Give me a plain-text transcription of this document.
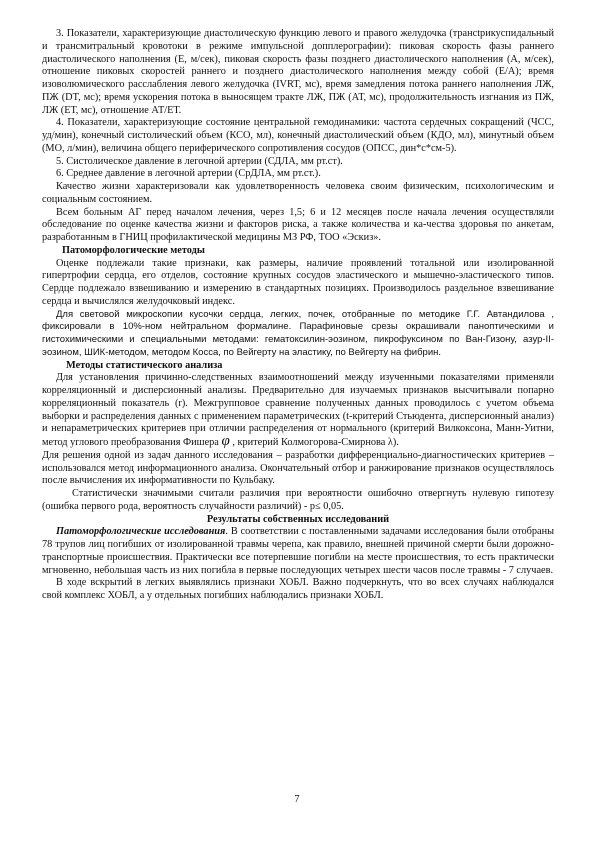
3. Показатели, характеризующие диастолическую функцию левого и правого желудочка (трансtрикуспидальный и трансмитральный кровотоки в режиме импульсной допплерографии): пиковая скорость фазы раннего диастолического наполнения (Е, м/сек), пиковая скорость фазы позднего диастолического наполнения (А, м/сек), отношение пиковых скоростей раннего и позднего диастолического наполнения между собой (Е/А); время изоволюмического расслабления левого желудочка (IVRT, мс), время замедления потока раннего наполнения ЛЖ, ПЖ (DT, мс); время ускорения потока в выносящем тракте ЛЖ, ПЖ (АТ, мс), продолжительность изгнания из ПЖ, ЛЖ (ЕТ, мс), отношение АТ/ЕТ.

4. Показатели, характеризующие состояние центральной гемодинамики: частота сердечных сокращений (ЧСС, уд/мин), конечный систолический объем (КСО, мл), конечный диастолический объем (КДО, мл), минутный объем (МО, л/мин), величина общего периферического сопротивления сосудов (ОПСС, дин*с*см-5).

5. Систолическое давление в легочной артерии (СДЛА, мм рт.ст).

6. Среднее давление в легочной артерии (СрДЛА, мм рт.ст.).

Качество жизни характеризовали как удовлетворенность человека своим физическим, психологическим и социальным состоянием.

Всем больным АГ перед началом лечения, через 1,5; 6 и 12 месяцев после начала лечения осуществляли обследование по оценке качества жизни и факторов риска, а также количества и ка-чества здоровья по анкетам, разработанным в ГНИЦ профилактической медицины МЗ РФ, ТОО «Эскиз».

Патоморфологические методы

Оценке подлежали такие признаки, как размеры, наличие проявлений тотальной или изолированной гипертрофии сердца, его отделов, состояние крупных сосудов эластического и мышечно-эластического типов. Сердце подлежало взвешиванию и измерению в стандартных позициях. Производилось раздельное взвешивание сердца и вычислялся желудочковый индекс.

Для световой микроскопии кусочки сердца, легких, почек, отобранные по методике Г.Г. Автандилова , фиксировали в 10%-ном нейтральном формалине. Парафиновые срезы окрашивали паноптическими и гистохимическими и специальными методами: гематоксилин-эозином, пикрофуксином по Ван-Гизону, азур-II-эозином, ШИК-методом, методом Косса, по Вейгерту на эластику, по Вейгерту на фибрин.

Методы статистического анализа

Для установления причинно-следственных взаимоотношений между изученными показателями применяли корреляционный и дисперсионный анализы. Предварительно для изучаемых признаков высчитывали попарно корреляционный показатель (r). Межгрупповое сравнение полученных данных проводилось с учетом объема выборки и распределения данных с применением параметрических (t-критерий Стьюдента, дисперсионный анализ) и непараметрических критериев при отличии распределения от нормального (критерий Вилкоксона, Манн-Уитни, метод углового преобразования Фишера φ , критерий Колмогорова-Смирнова λ).

Для решения одной из задач данного исследования – разработки дифференциально-диагностических критериев – использовался метод информационного анализа. Окончательный отбор и ранжирование признаков осуществлялось после вычисления их информативности по Кульбаку.

Статистически значимыми считали различия при вероятности ошибочно отвергнуть нулевую гипотезу (ошибка первого рода, вероятность случайности различий) - p≤ 0,05.

Результаты собственных исследований

Патоморфологические исследования. В соответствии с поставленными задачами исследования были отобраны 78 трупов лиц погибших от изолированной травмы черепа, как правило, внешней причиной смерти были дорожно-транспортные происшествия. Практически все потерпевшие погибли на месте происшествия, то есть практически мгновенно, небольшая часть из них погибла в первые последующих четырех шести часов после травмы - 7 случаев.

В ходе вскрытий в легких выявлялись признаки ХОБЛ. Важно подчеркнуть, что во всех случаях наблюдался свой комплекс ХОБЛ, а у отдельных погибших наблюдались признаки ХОБЛ.

7
